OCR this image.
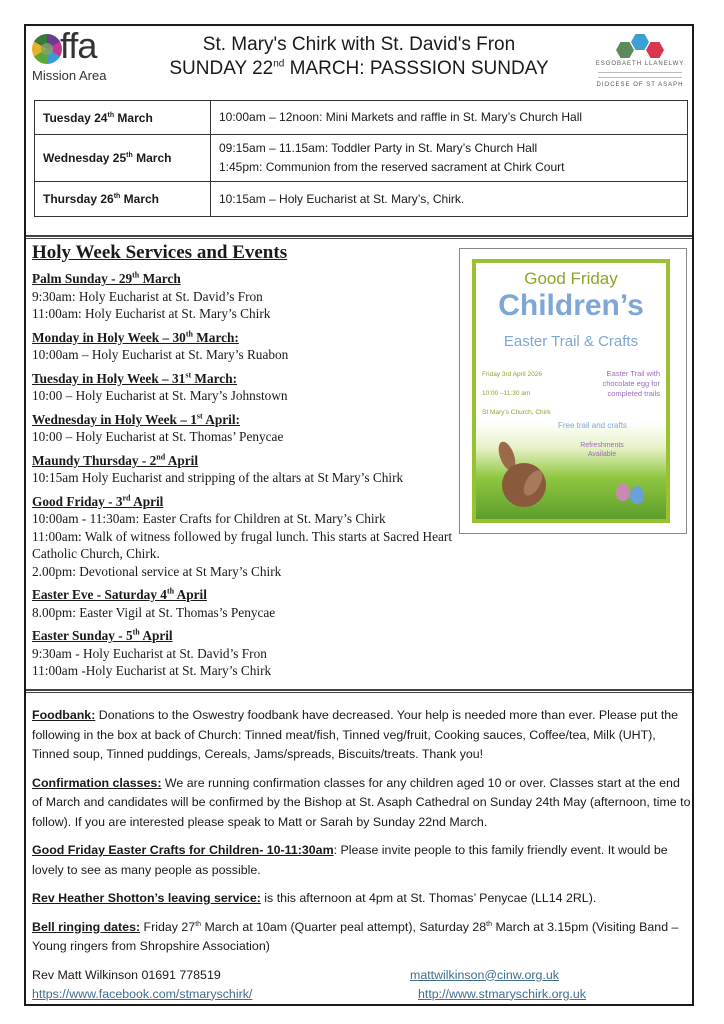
ffa
Mission Area
St. Mary's Chirk with St. David's Fron
SUNDAY 22nd MARCH: PASSSION SUNDAY	ESGOBAETH LLANELWY
DIOCESE OF ST ASAPH
Tuesday 24th March	10:00am – 12noon: Mini Markets and raffle in St. Mary’s Church Hall

Wednesday 25th March	09:15am – 11.15am: Toddler Party in St. Mary’s Church Hall
1:45pm: Communion from the reserved sacrament at Chirk Court

Thursday 26th March	10:15am – Holy Eucharist at St. Mary’s, Chirk.
Holy Week Services and Events
Palm Sunday - 29th March
9:30am: Holy Eucharist at St. David’s Fron
11:00am: Holy Eucharist at St. Mary’s Chirk
Monday in Holy Week – 30th March:
10:00am – Holy Eucharist at St. Mary’s Ruabon
Tuesday in Holy Week – 31st March:
10:00 – Holy Eucharist at St. Mary’s Johnstown
Wednesday in Holy Week – 1st April:
10:00 – Holy Eucharist at St. Thomas’ Penycae
Maundy Thursday - 2nd April
10:15am Holy Eucharist and stripping of the altars at St Mary’s Chirk
Good Friday - 3rd April
10:00am - 11:30am: Easter Crafts for Children at St. Mary’s Chirk
11:00am: Walk of witness followed by frugal lunch. This starts at Sacred Heart Catholic Church, Chirk.
2.00pm: Devotional service at St Mary’s Chirk
Easter Eve - Saturday 4th April
8.00pm: Easter Vigil at St. Thomas’s Penycae
Easter Sunday - 5th April
9:30am - Holy Eucharist at St. David’s Fron
11:00am -Holy Eucharist at St. Mary’s Chirk
Good Friday
Children’s
Easter Trail & Crafts
Friday 3rd April 2026
10:00 –11:30 am
St Mary’s Church, Chirk
Easter Trail with chocolate egg for completed trails
Free trail and crafts
Refreshments Available
Foodbank: Donations to the Oswestry foodbank have decreased. Your help is needed more than ever. Please put the following in the box at back of Church: Tinned meat/fish, Tinned veg/fruit, Cooking sauces, Coffee/tea, Milk (UHT), Tinned soup, Tinned puddings, Cereals, Jams/spreads, Biscuits/treats. Thank you!
Confirmation classes: We are running confirmation classes for any children aged 10 or over. Classes start at the end of March and candidates will be confirmed by the Bishop at St. Asaph Cathedral on Sunday 24th May (afternoon, time to follow). If you are interested please speak to Matt or Sarah by Sunday 22nd March.
Good Friday Easter Crafts for Children- 10-11:30am: Please invite people to this family friendly event. It would be lovely to see as many people as possible.
Rev Heather Shotton’s leaving service: is this afternoon at 4pm at St. Thomas’ Penycae (LL14 2RL).
Bell ringing dates: Friday 27th March at 10am (Quarter peal attempt), Saturday 28th March at 3.15pm (Visiting Band – Young ringers from Shropshire Association)
Rev Matt Wilkinson 01691 778519	mattwilkinson@cinw.org.uk
https://www.facebook.com/stmaryschirk/	http://www.stmaryschirk.org.uk
